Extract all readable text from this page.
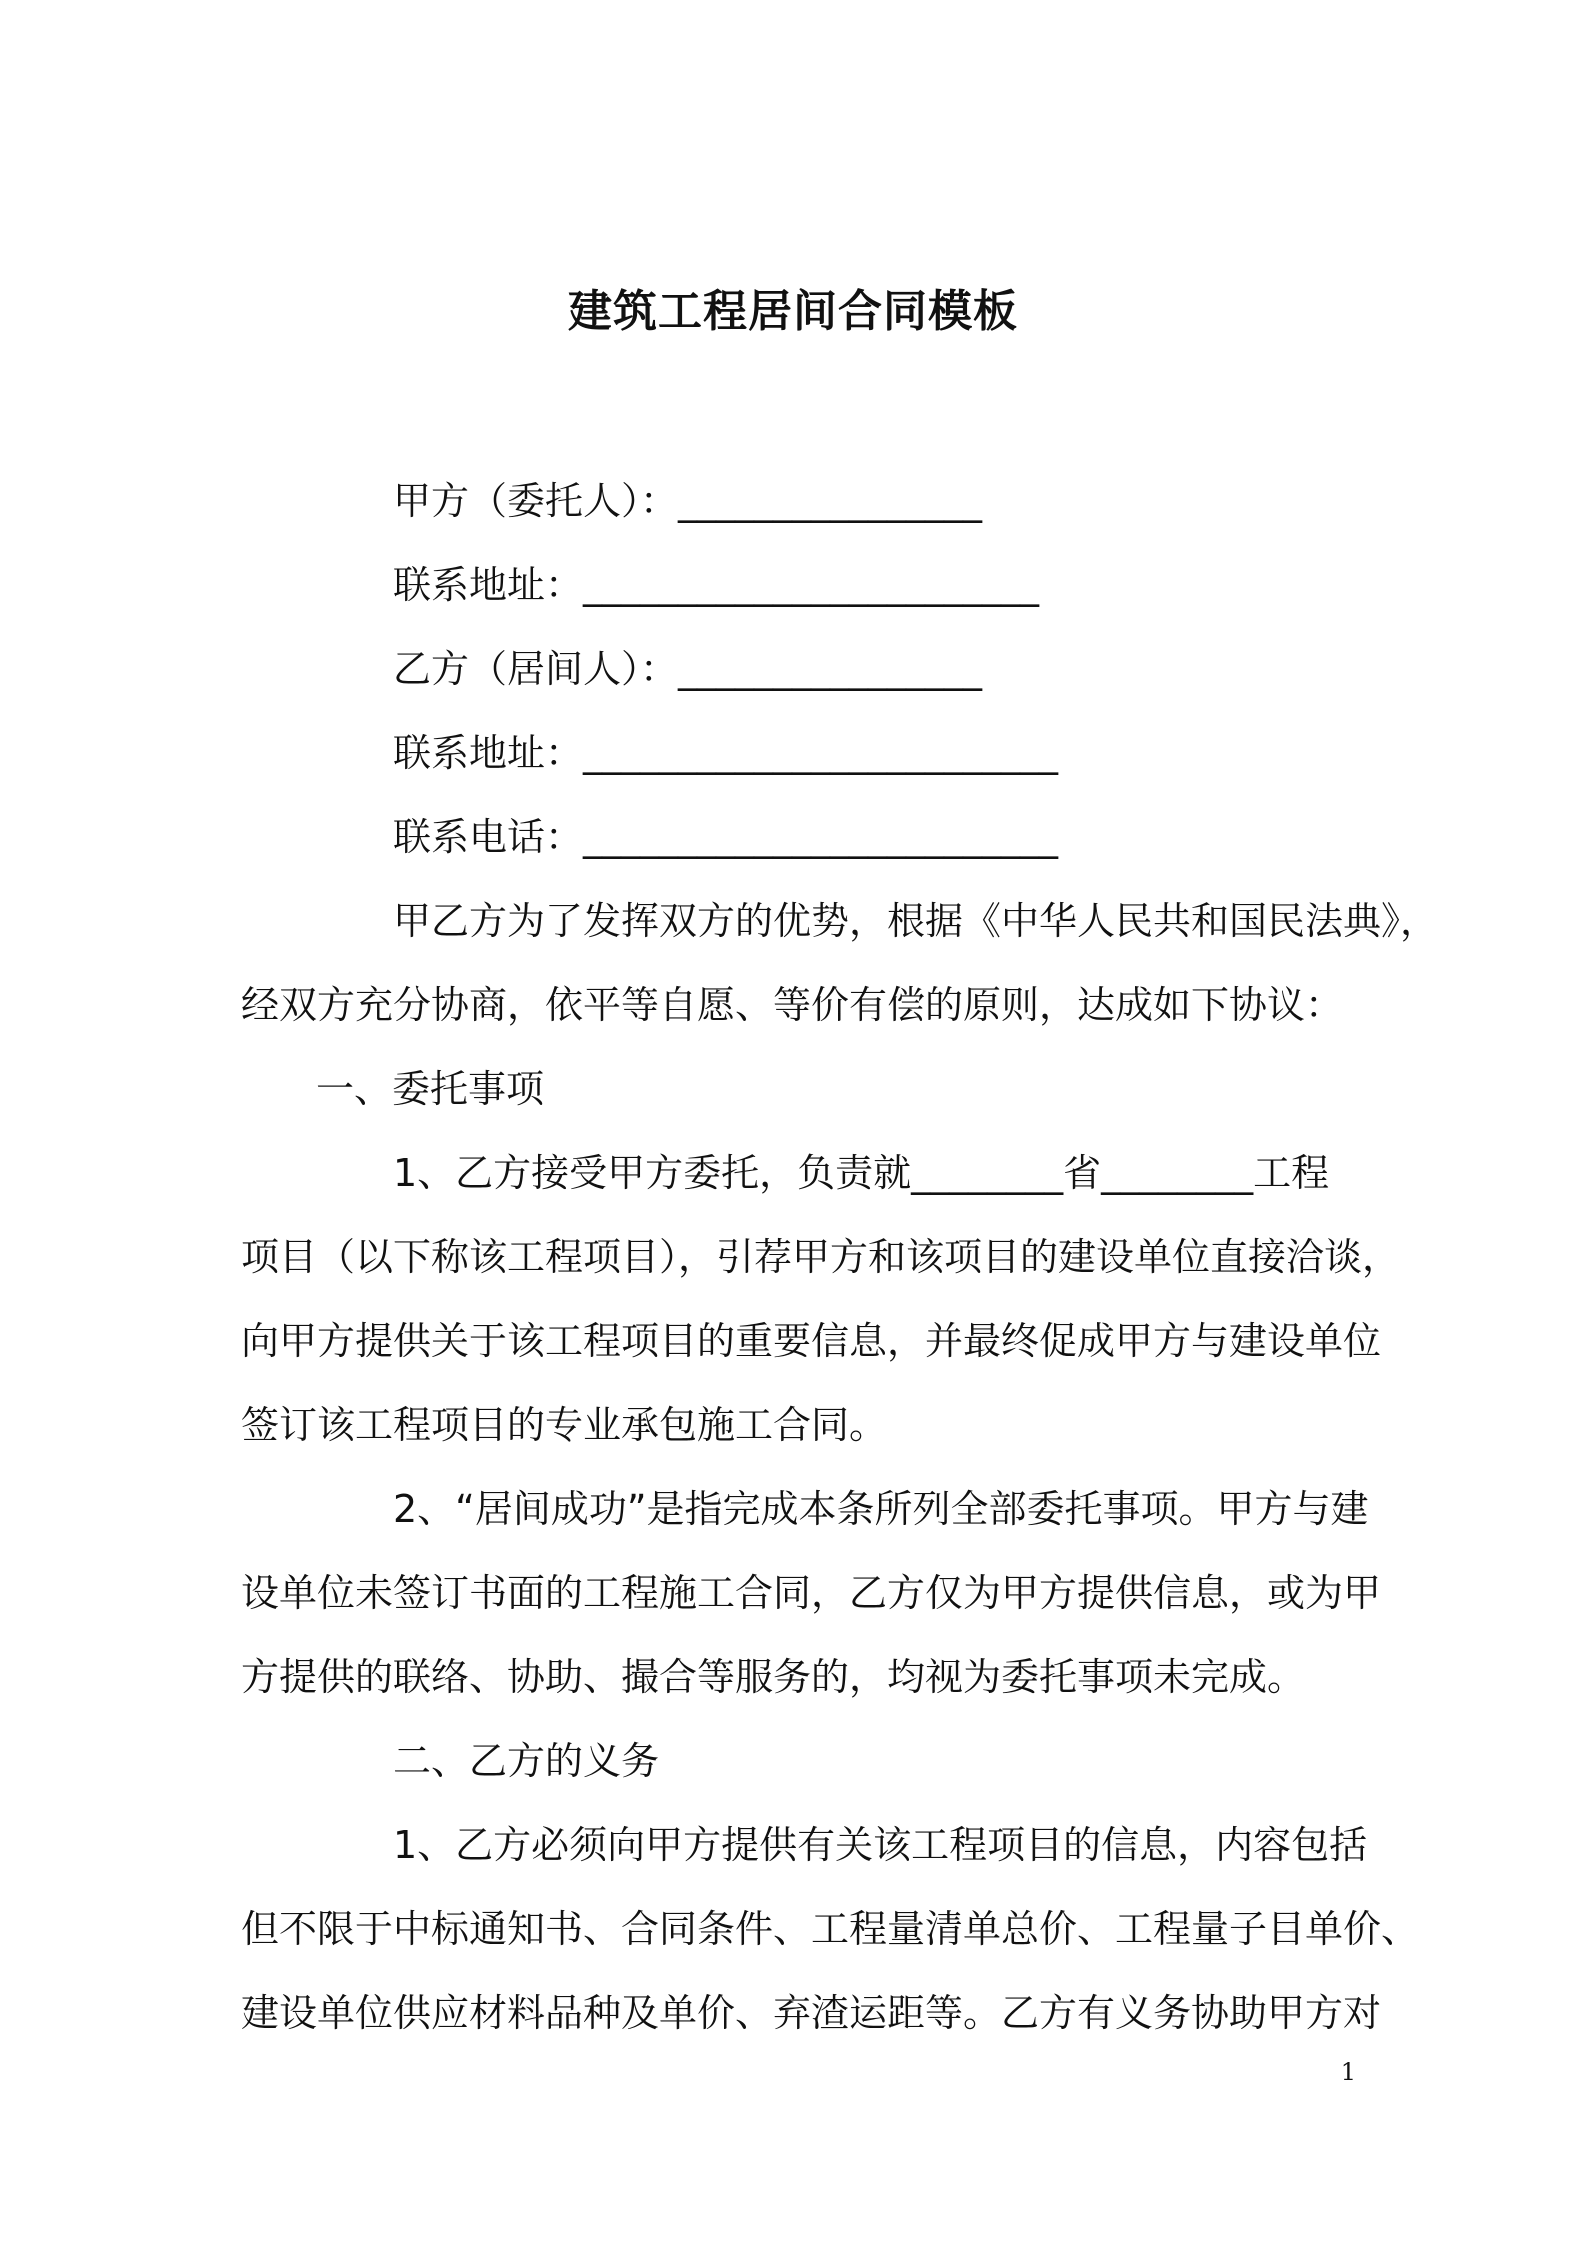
建筑工程居间合同模板
甲方（委托人）：________________
联系地址：________________________
乙方（居间人）：________________
联系地址：_________________________
联系电话：_________________________
甲乙方为了发挥双方的优势，根据《中华人民共和国民法典》，
经双方充分协商，依平等自愿、等价有偿的原则，达成如下协议：
一、委托事项
1、乙方接受甲方委托，负责就________省________工程
项目（以下称该工程项目），引荐甲方和该项目的建设单位直接洽谈，
向甲方提供关于该工程项目的重要信息，并最终促成甲方与建设单位
签订该工程项目的专业承包施工合同。
2、“居间成功”是指完成本条所列全部委托事项。甲方与建
设单位未签订书面的工程施工合同，乙方仅为甲方提供信息，或为甲
方提供的联络、协助、撮合等服务的，均视为委托事项未完成。
二、乙方的义务
1、乙方必须向甲方提供有关该工程项目的信息，内容包括
但不限于中标通知书、合同条件、工程量清单总价、工程量子目单价、
建设单位供应材料品种及单价、弃渣运距等。乙方有义务协助甲方对
1
